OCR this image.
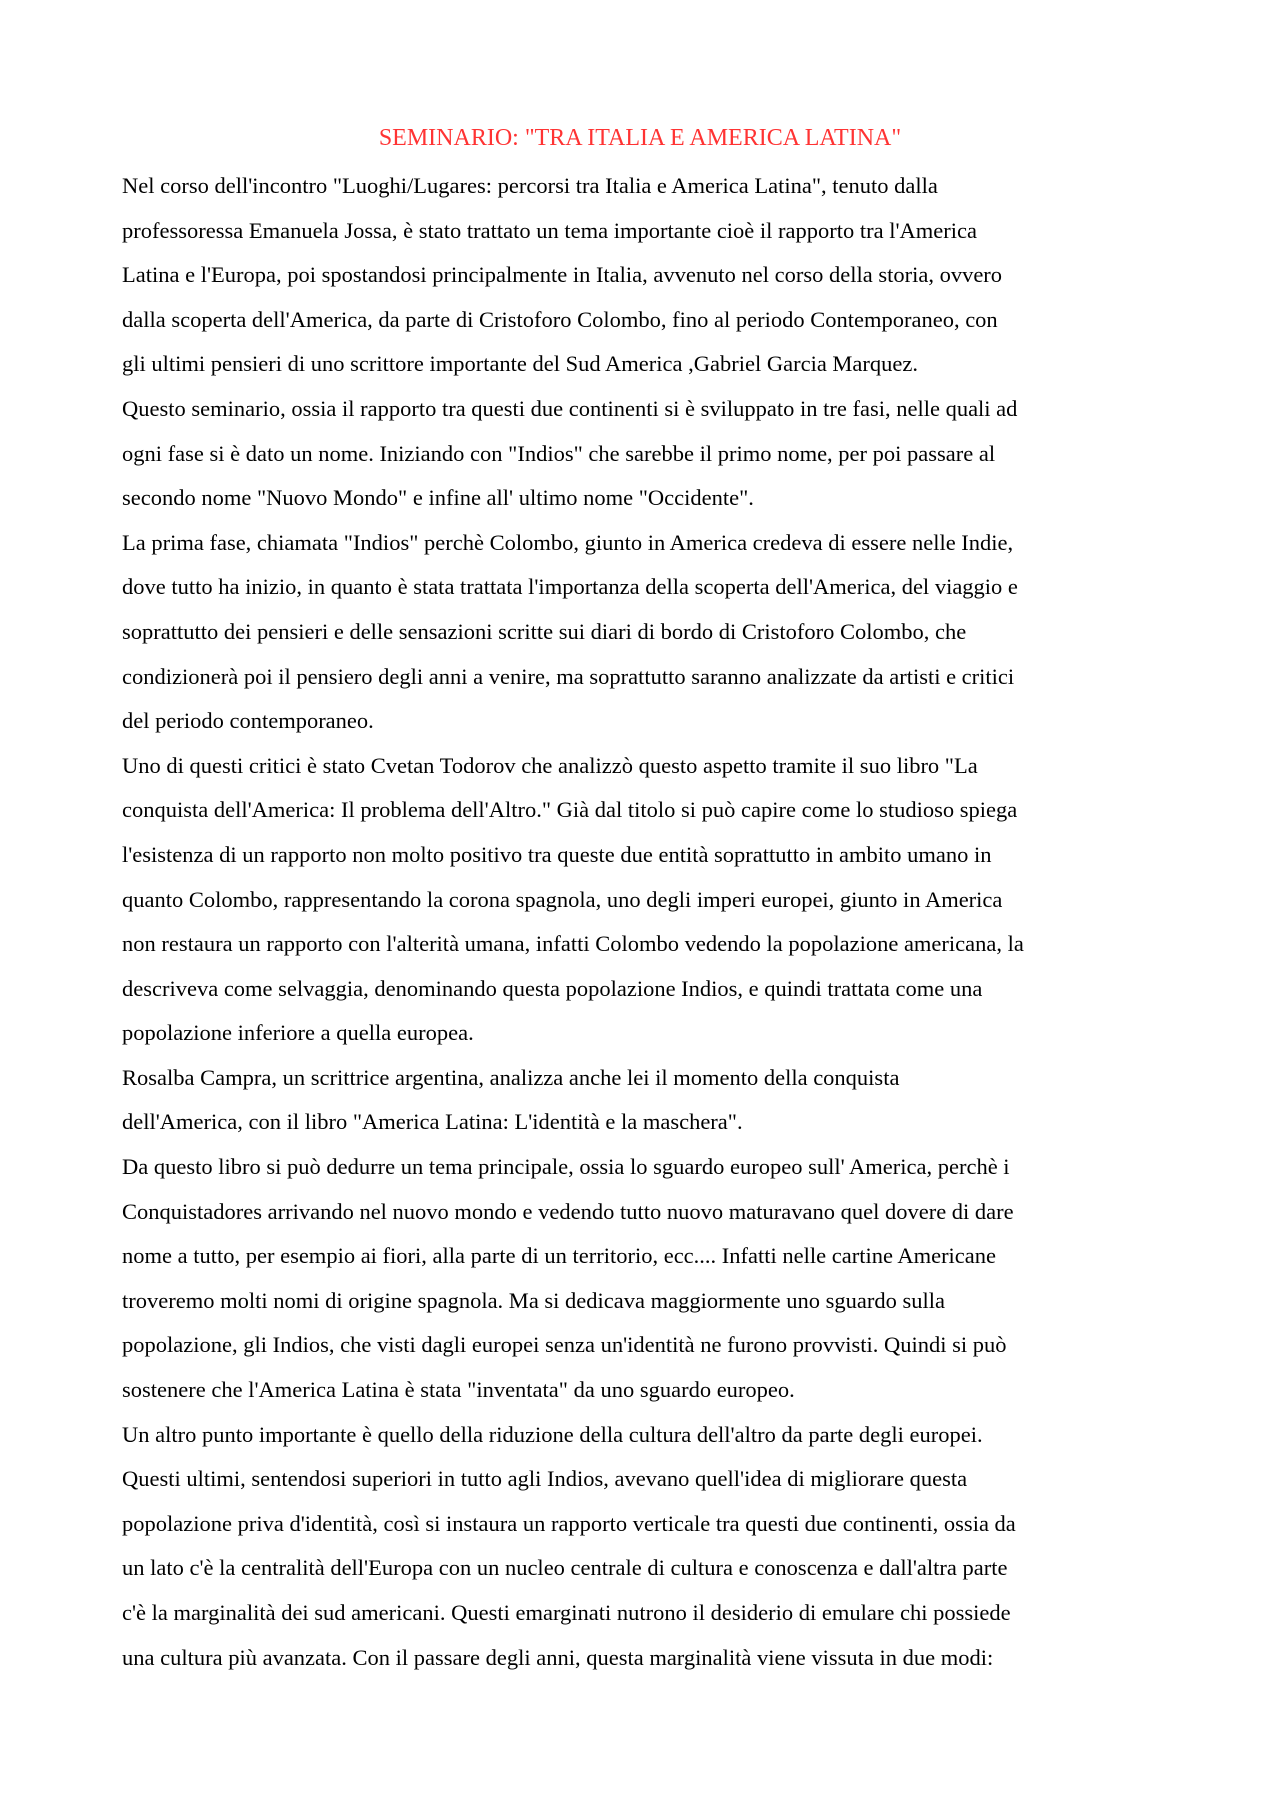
SEMINARIO: "TRA ITALIA E AMERICA LATINA"
Nel corso dell'incontro "Luoghi/Lugares: percorsi tra Italia e America Latina", tenuto dalla
professoressa Emanuela Jossa, è stato trattato un tema importante cioè il rapporto tra l'America
Latina e l'Europa, poi spostandosi principalmente in Italia, avvenuto nel corso della storia, ovvero
dalla scoperta dell'America, da parte di Cristoforo Colombo, fino al periodo Contemporaneo, con
gli ultimi pensieri di uno scrittore importante del Sud America ,Gabriel Garcia Marquez.
Questo seminario, ossia il rapporto tra questi due continenti si è sviluppato in tre fasi, nelle quali ad
ogni fase si è dato un nome. Iniziando con "Indios" che sarebbe il primo nome, per poi passare al
secondo nome "Nuovo Mondo" e infine all' ultimo nome "Occidente".
La prima fase, chiamata "Indios" perchè Colombo, giunto in America credeva di essere nelle Indie,
dove tutto ha inizio, in quanto è stata trattata l'importanza della scoperta dell'America, del viaggio e
soprattutto dei pensieri e delle sensazioni scritte sui diari di bordo di Cristoforo Colombo, che
condizionerà poi il pensiero degli anni a venire, ma soprattutto saranno analizzate da artisti e critici
del periodo contemporaneo.
Uno di questi critici è stato Cvetan Todorov che analizzò questo aspetto tramite il suo libro "La
conquista dell'America: Il problema dell'Altro." Già dal titolo si può capire come lo studioso spiega
l'esistenza di un rapporto non molto positivo tra queste due entità soprattutto in ambito umano in
quanto Colombo, rappresentando la corona spagnola, uno degli imperi europei, giunto in America
non restaura un rapporto con l'alterità umana, infatti Colombo vedendo la popolazione americana, la
descriveva come selvaggia, denominando questa popolazione Indios, e quindi trattata come una
popolazione inferiore a quella europea.
Rosalba Campra, un scrittrice argentina, analizza anche lei il momento della conquista
dell'America, con il libro "America Latina: L'identità e la maschera".
Da questo libro si può dedurre un tema principale, ossia lo sguardo europeo sull' America, perchè i
Conquistadores arrivando nel nuovo mondo e vedendo tutto nuovo maturavano quel dovere di dare
nome a tutto, per esempio ai fiori, alla parte di un territorio, ecc.... Infatti nelle cartine Americane
troveremo molti nomi di origine spagnola. Ma si dedicava maggiormente uno sguardo sulla
popolazione, gli Indios, che visti dagli europei senza un'identità ne furono provvisti. Quindi si può
sostenere che l'America Latina è stata "inventata" da uno sguardo europeo.
Un altro punto importante è quello della riduzione della cultura dell'altro da parte degli europei.
Questi ultimi, sentendosi superiori in tutto agli Indios, avevano quell'idea di migliorare questa
popolazione priva d'identità, così si instaura un rapporto verticale tra questi due continenti, ossia da
un lato c'è la centralità dell'Europa con un nucleo centrale di cultura e conoscenza e dall'altra parte
c'è la marginalità dei sud americani. Questi emarginati nutrono il desiderio di emulare chi possiede
una cultura più avanzata. Con il passare degli anni, questa marginalità viene vissuta in due modi:
